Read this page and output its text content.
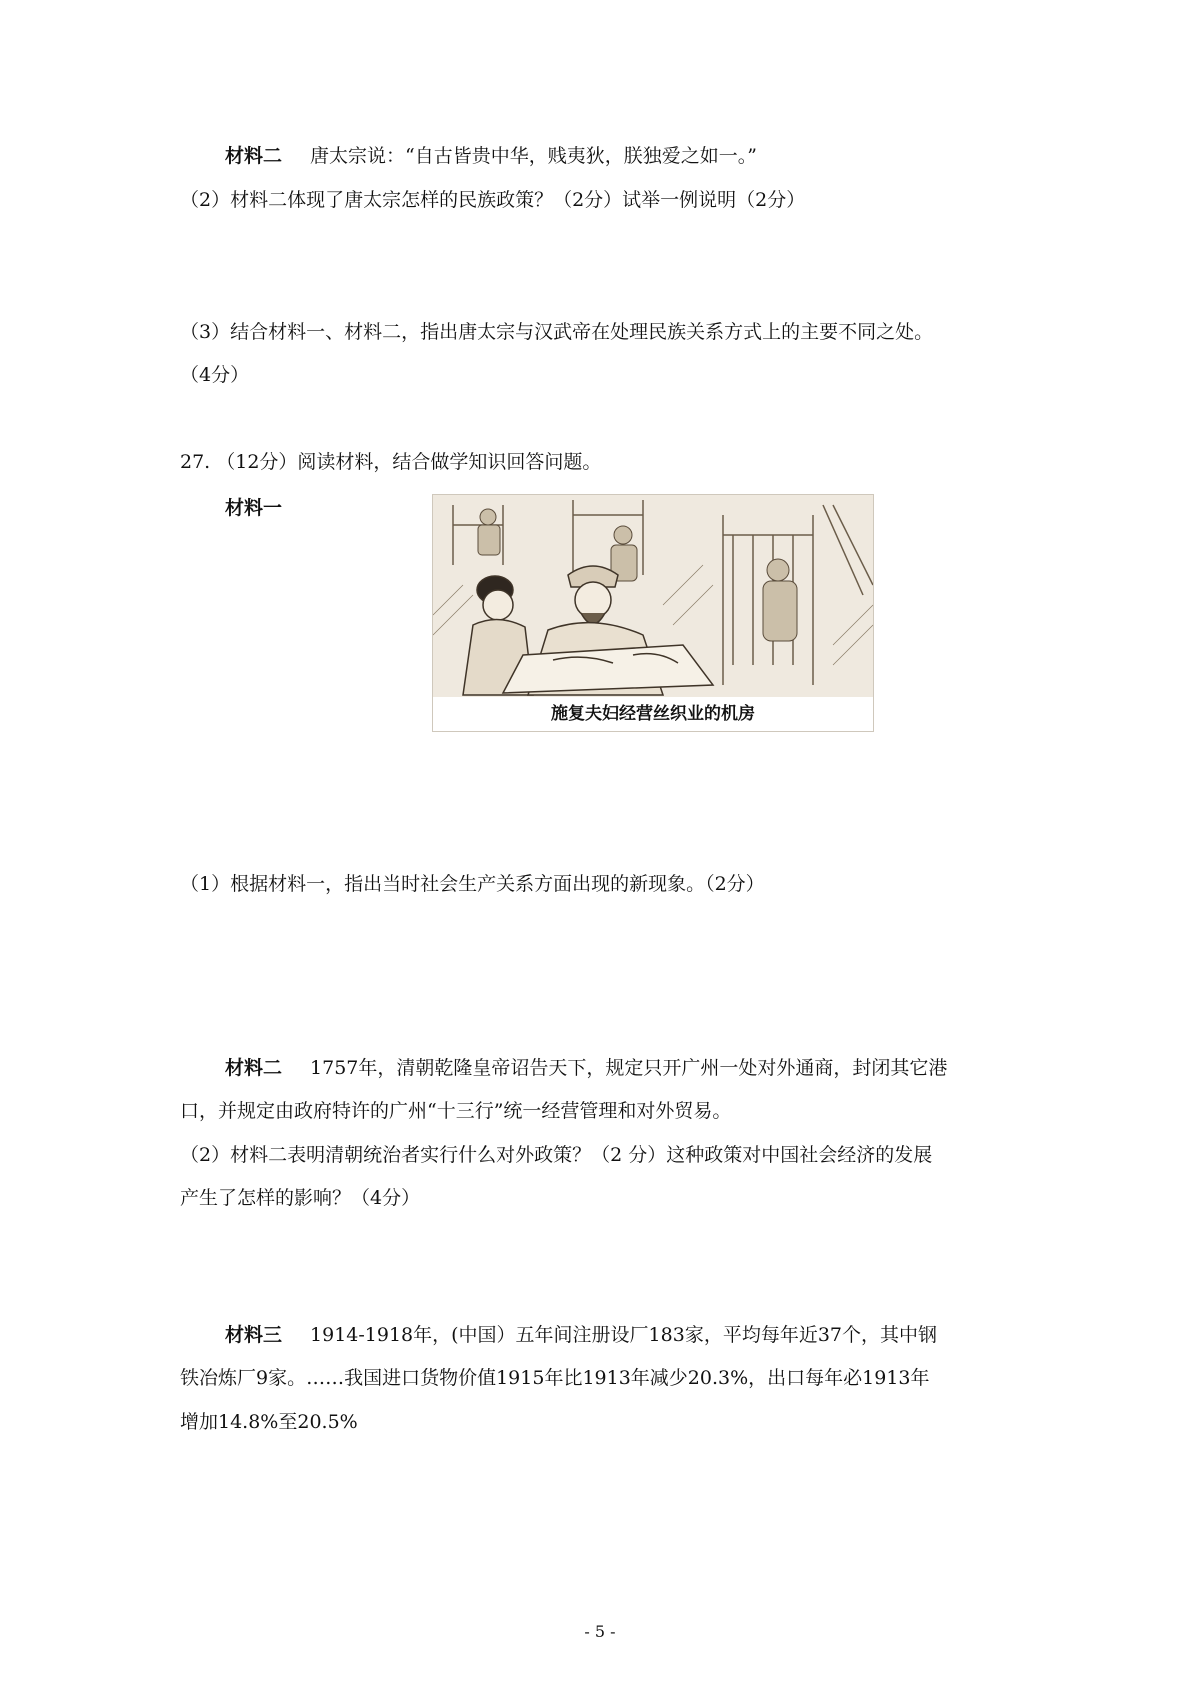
材料二 唐太宗说：“自古皆贵中华，贱夷狄，朕独爱之如一。”
（2）材料二体现了唐太宗怎样的民族政策？（2分）试举一例说明（2分）
（3）结合材料一、材料二，指出唐太宗与汉武帝在处理民族关系方式上的主要不同之处。
（4分）
27. （12分）阅读材料，结合做学知识回答问题。
材料一
施复夫妇经营丝织业的机房
（1）根据材料一，指出当时社会生产关系方面出现的新现象。（2分）
材料二 1757年，清朝乾隆皇帝诏告天下，规定只开广州一处对外通商，封闭其它港
口，并规定由政府特许的广州“十三行”统一经营管理和对外贸易。
（2）材料二表明清朝统治者实行什么对外政策？（2 分）这种政策对中国社会经济的发展
产生了怎样的影响？（4分）
材料三 1914-1918年，(中国）五年间注册设厂183家，平均每年近37个，其中钢
铁冶炼厂9家。……我国进口货物价值1915年比1913年减少20.3%，出口每年必1913年
增加14.8%至20.5%
- 5 -
